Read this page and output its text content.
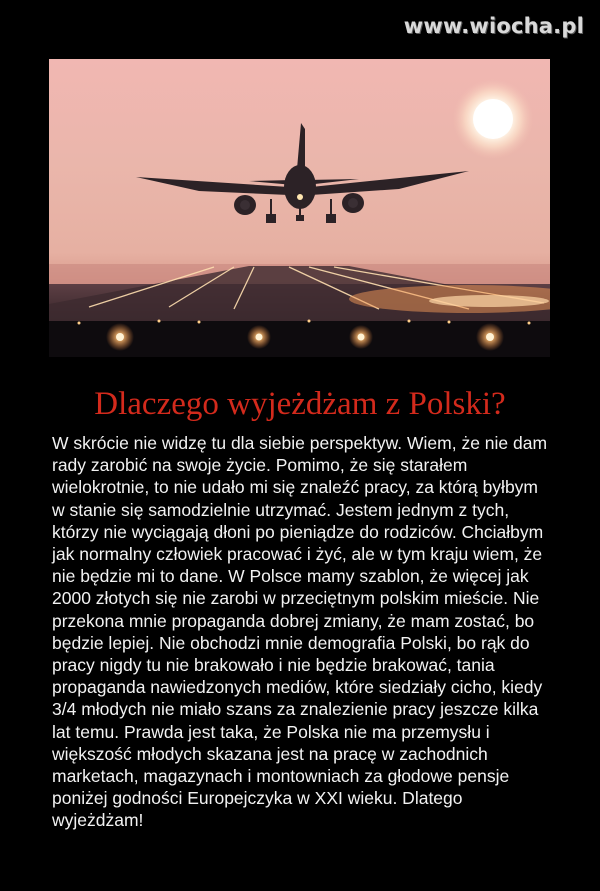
www.wiocha.pl
Dlaczego wyjeżdżam z Polski?

W skrócie nie widzę tu dla siebie perspektyw. Wiem, że nie dam rady zarobić na swoje życie. Pomimo, że się starałem wielokrotnie, to nie udało mi się znaleźć pracy, za którą byłbym w stanie się samodzielnie utrzymać. Jestem jednym z tych, którzy nie wyciągają dłoni po pieniądze do rodziców. Chciałbym jak normalny człowiek pracować i żyć, ale w tym kraju wiem, że nie będzie mi to dane. W Polsce mamy szablon, że więcej jak 2000 złotych się nie zarobi w przeciętnym polskim mieście. Nie przekona mnie propaganda dobrej zmiany, że mam zostać, bo będzie lepiej. Nie obchodzi mnie demografia Polski, bo rąk do pracy nigdy tu nie brakowało i nie będzie brakować, tania propaganda nawiedzonych mediów, które siedziały cicho, kiedy 3/4 młodych nie miało szans za znalezienie pracy jeszcze kilka lat temu. Prawda jest taka, że Polska nie ma przemysłu i większość młodych skazana jest na pracę w zachodnich marketach, magazynach i montowniach za głodowe pensje poniżej godności Europejczyka w XXI wieku. Dlatego wyjeżdżam!
